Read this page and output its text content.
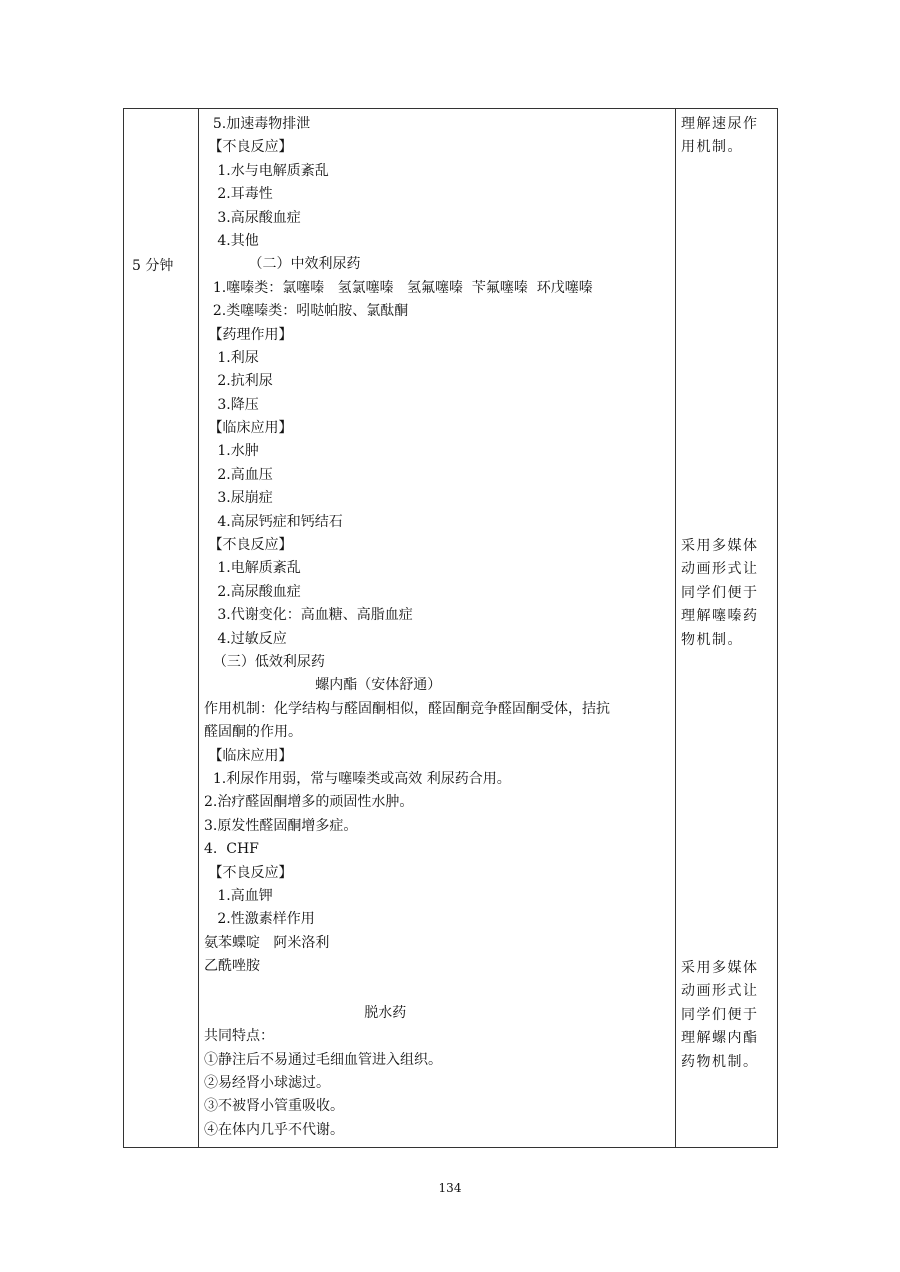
5 分钟
5.加速毒物排泄
【不良反应】
1.水与电解质紊乱
2.耳毒性
3.高尿酸血症
4.其他
（二）中效利尿药
1.噻嗪类：氯噻嗪   氢氯噻嗪   氢氟噻嗪  苄氟噻嗪  环戊噻嗪
2.类噻嗪类：吲哒帕胺、氯酞酮
【药理作用】
1.利尿
2.抗利尿
3.降压
【临床应用】
1.水肿
2.高血压
3.尿崩症
4.高尿钙症和钙结石
【不良反应】
1.电解质紊乱
2.高尿酸血症
3.代谢变化：高血糖、高脂血症
4.过敏反应
（三）低效利尿药
螺内酯（安体舒通）
作用机制：化学结构与醛固酮相似，醛固酮竞争醛固酮受体，拮抗
醛固酮的作用。
【临床应用】
1.利尿作用弱，常与噻嗪类或高效 利尿药合用。
2.治疗醛固酮增多的顽固性水肿。
3.原发性醛固酮增多症。
4.  CHF
【不良反应】
1.高血钾
2.性激素样作用
氨苯蝶啶   阿米洛利
乙酰唑胺
脱水药
共同特点：
①静注后不易通过毛细血管进入组织。
②易经肾小球滤过。
③不被肾小管重吸收。
④在体内几乎不代谢。
理解速尿作
用机制。
采用多媒体
动画形式让
同学们便于
理解噻嗪药
物机制。
采用多媒体
动画形式让
同学们便于
理解螺内酯
药物机制。
134
